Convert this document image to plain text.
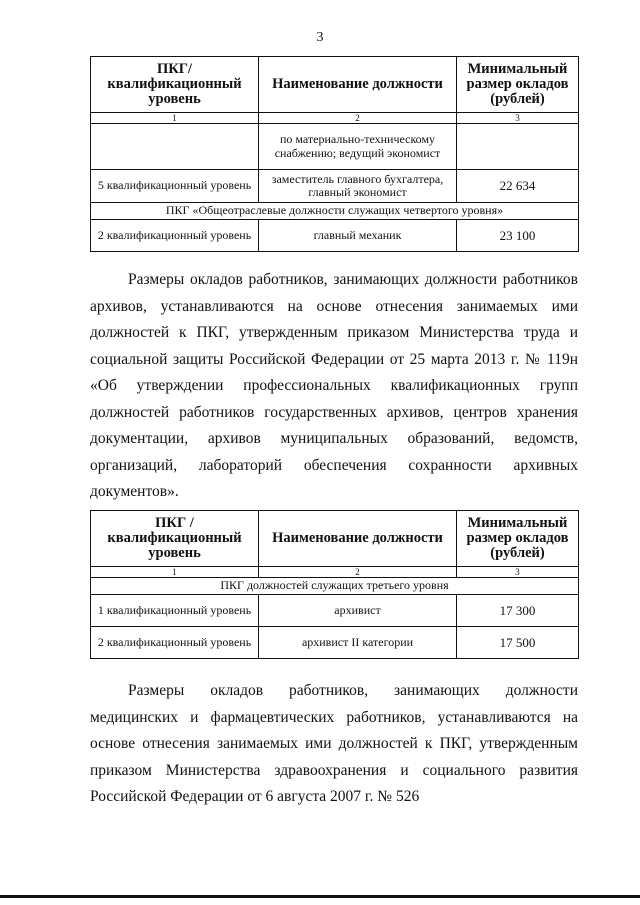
3
ПКГ/ квалификационный уровень	Наименование должности	Минимальный размер окладов (рублей)
1	2	3
	по материально-техническому снабжению; ведущий экономист	
5 квалификационный уровень	заместитель главного бухгалтера, главный экономист	22 634
ПКГ «Общеотраслевые должности служащих четвертого уровня»		
2 квалификационный уровень	главный механик	23 100

Размеры окладов работников, занимающих должности работников архивов, устанавливаются на основе отнесения занимаемых ими должностей к ПКГ, утвержденным приказом Министерства труда и социальной защиты Российской Федерации от 25 марта 2013 г. № 119н «Об утверждении профессиональных квалификационных групп должностей работников государственных архивов, центров хранения документации, архивов муниципальных образований, ведомств, организаций, лабораторий обеспечения сохранности архивных документов».

ПКГ / квалификационный уровень	Наименование должности	Минимальный размер окладов (рублей)
1	2	3
ПКГ должностей служащих третьего уровня		
1 квалификационный уровень	архивист	17 300
2 квалификационный уровень	архивист II категории	17 500

Размеры окладов работников, занимающих должности медицинских и фармацевтических работников, устанавливаются на основе отнесения занимаемых ими должностей к ПКГ, утвержденным приказом Министерства здравоохранения и социального развития Российской Федерации от 6 августа 2007 г. № 526
